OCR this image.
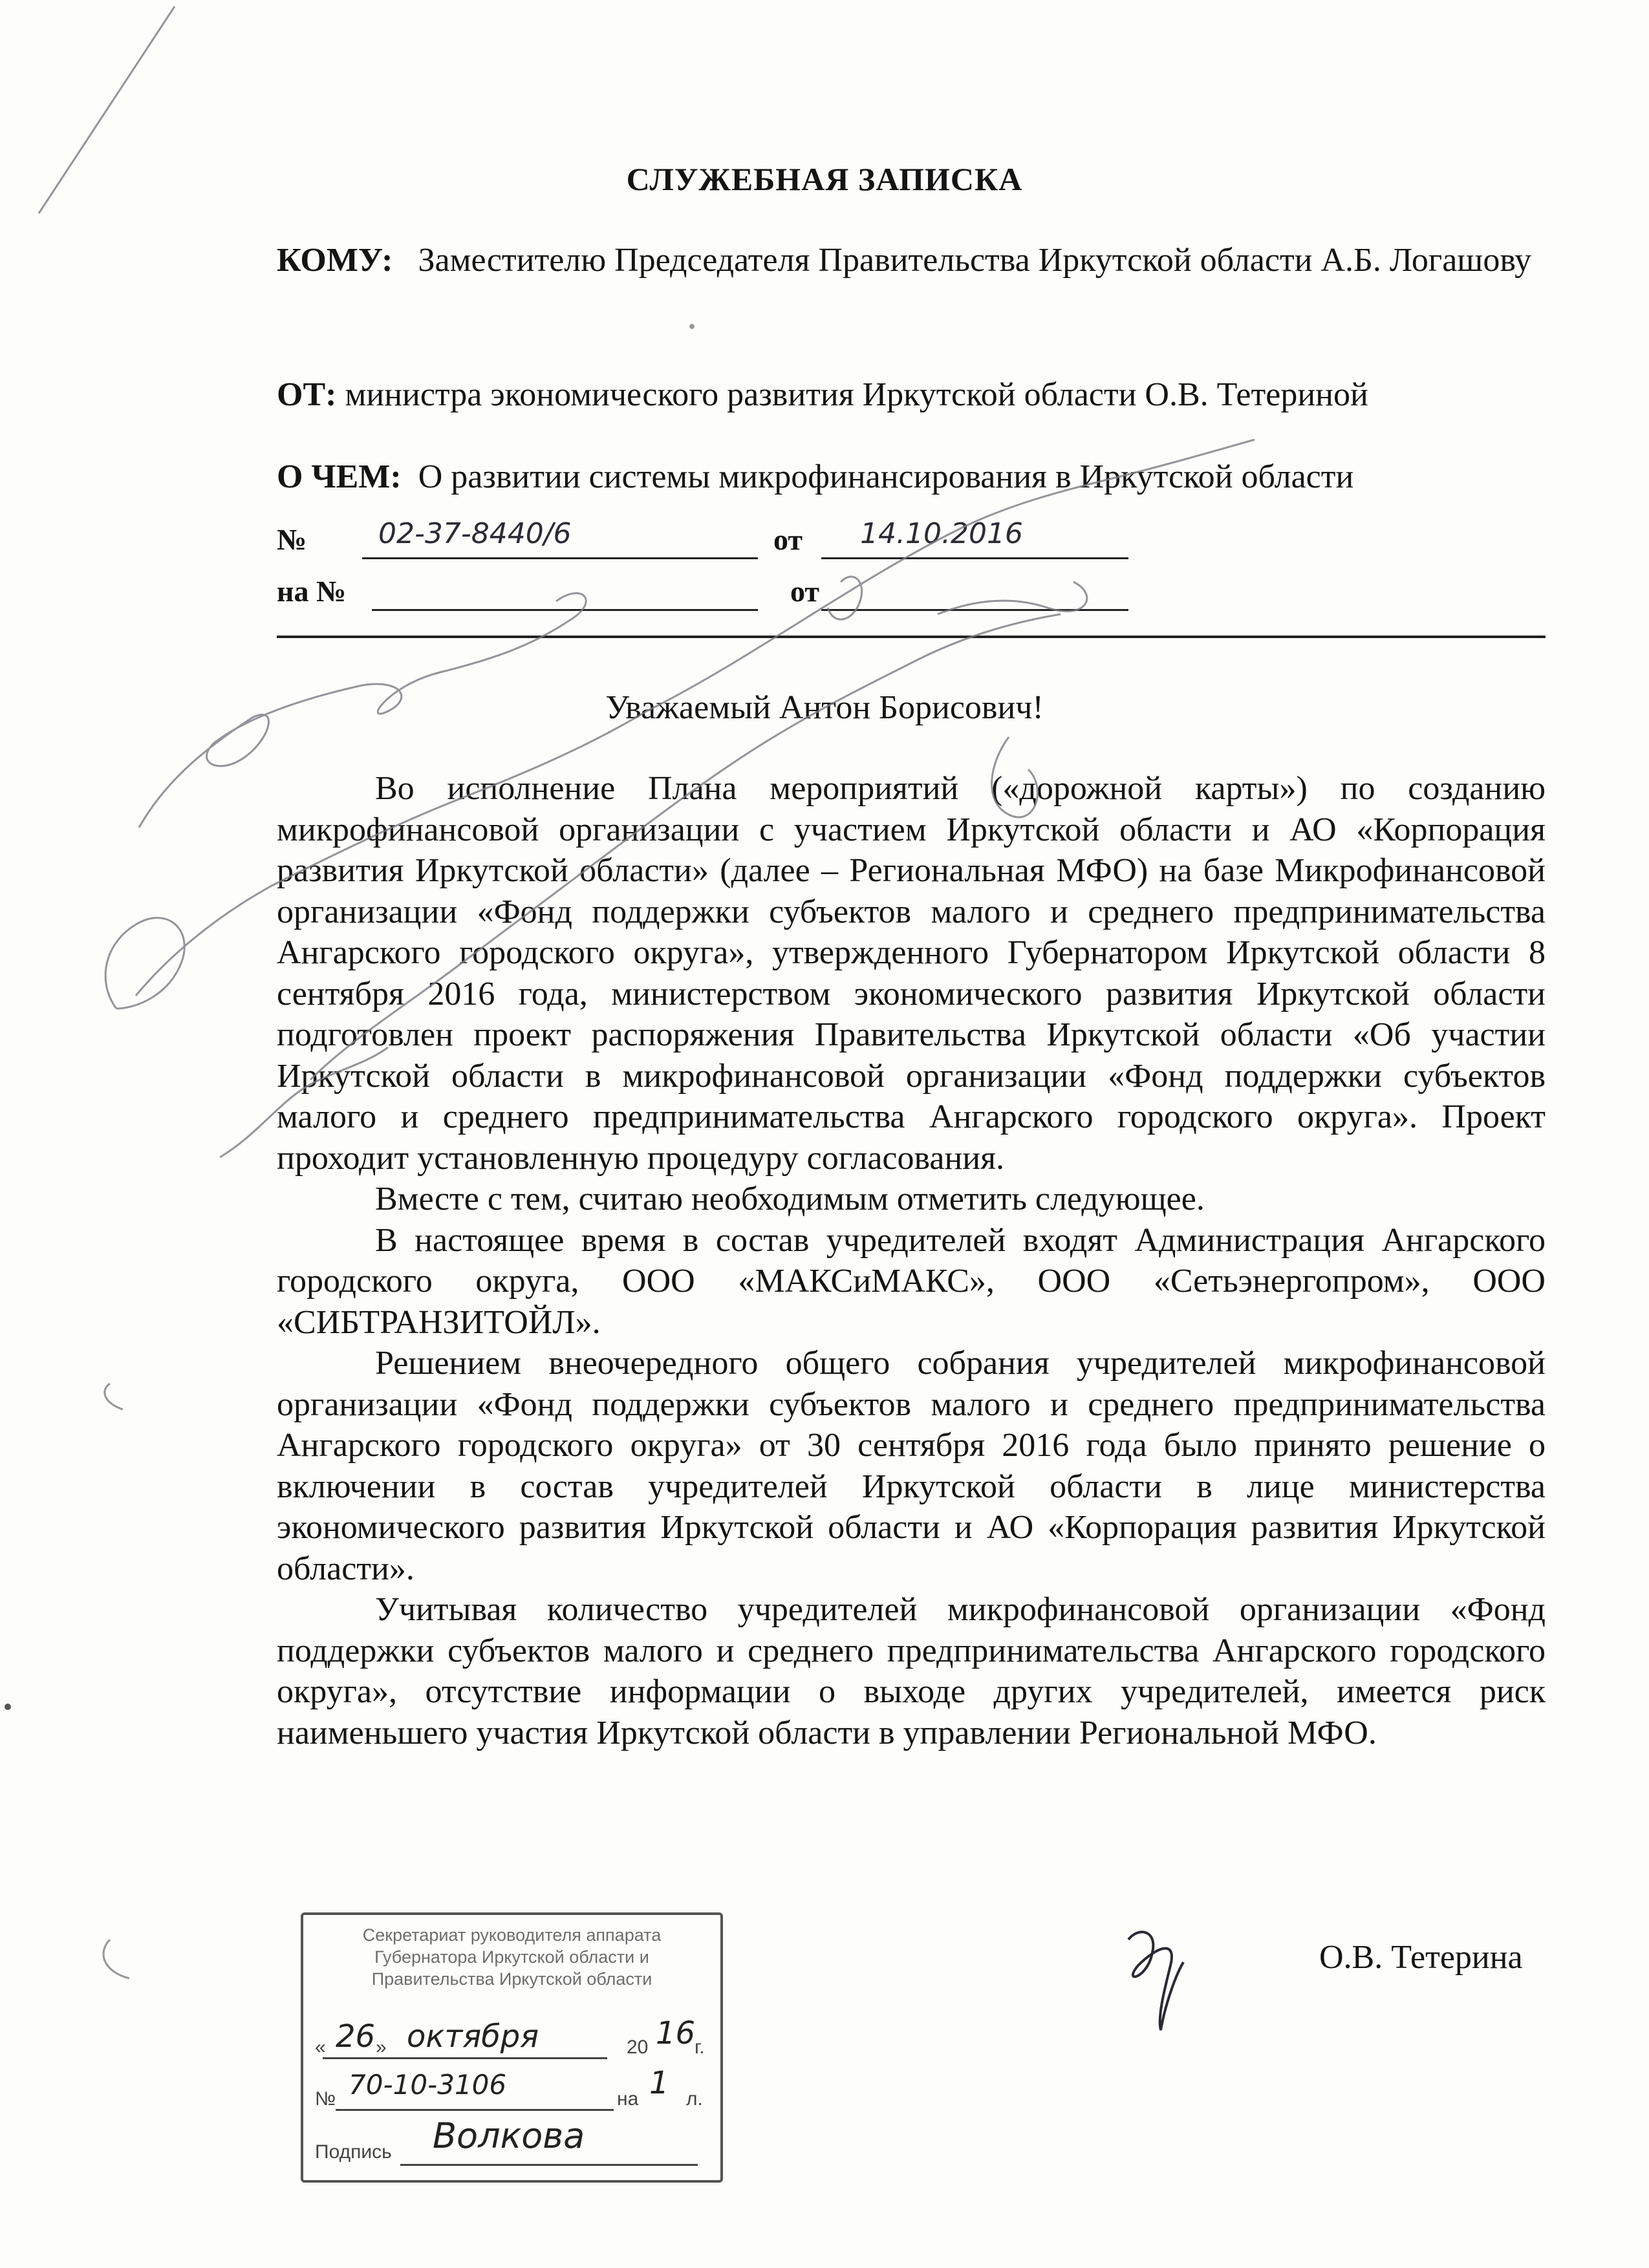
СЛУЖЕБНАЯ ЗАПИСКА
КОМУ: Заместителю Председателя Правительства Иркутской области А.Б. Логашову
ОТ: министра экономического развития Иркутской области О.В. Тетериной
О ЧЕМ: О развитии системы микрофинансирования в Иркутской области
№	02-37-8440/6	от 14.10.2016
на №	от
Уважаемый Антон Борисович!

Во исполнение Плана мероприятий («дорожной карты») по созданию микрофинансовой организации с участием Иркутской области и АО «Корпорация развития Иркутской области» (далее – Региональная МФО) на базе Микрофинансовой организации «Фонд поддержки субъектов малого и среднего предпринимательства Ангарского городского округа», утвержденного Губернатором Иркутской области 8 сентября 2016 года, министерством экономического развития Иркутской области подготовлен проект распоряжения Правительства Иркутской области «Об участии Иркутской области в микрофинансовой организации «Фонд поддержки субъектов малого и среднего предпринимательства Ангарского городского округа». Проект проходит установленную процедуру согласования.

Вместе с тем, считаю необходимым отметить следующее.

В настоящее время в состав учредителей входят Администрация Ангарского городского округа, ООО «МАКСиМАКС», ООО «Сетьэнергопром», ООО «СИБТРАНЗИТОЙЛ».

Решением внеочередного общего собрания учредителей микрофинансовой организации «Фонд поддержки субъектов малого и среднего предпринимательства Ангарского городского округа» от 30 сентября 2016 года было принято решение о включении в состав учредителей Иркутской области в лице министерства экономического развития Иркутской области и АО «Корпорация развития Иркутской области».

Учитывая количество учредителей микрофинансовой организации «Фонд поддержки субъектов малого и среднего предпринимательства Ангарского городского округа», отсутствие информации о выходе других учредителей, имеется риск наименьшего участия Иркутской области в управлении Региональной МФО.

О.В. Тетерина
Секретариат руководителя аппарата
Губернатора Иркутской области и
Правительства Иркутской области
« 26 » октября	20 16
г.
№ 70-10-3106	на 1 л.
Подпись Волкова
